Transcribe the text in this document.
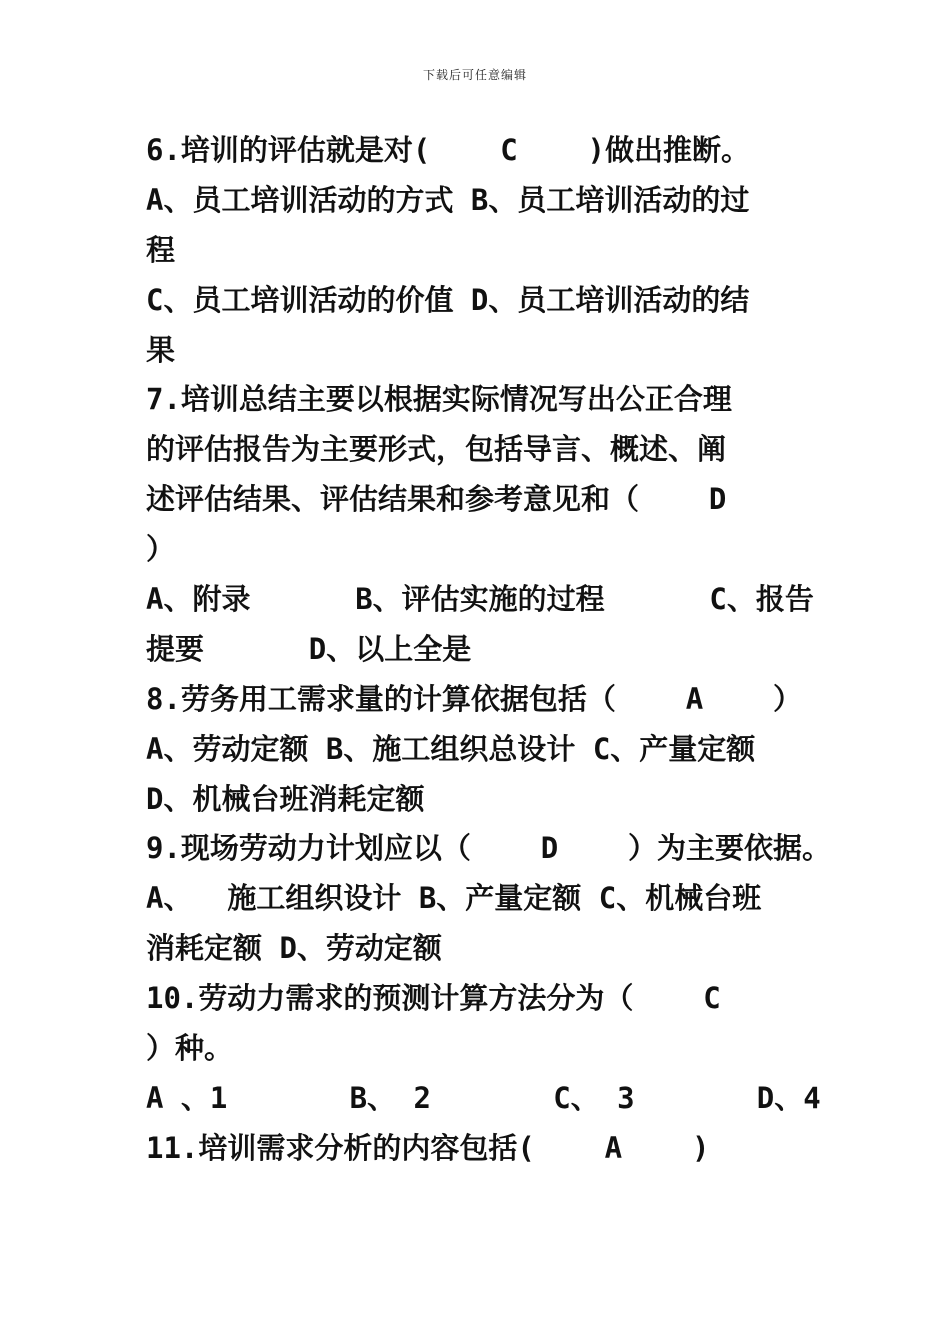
下载后可任意编辑
6.培训的评估就是对(    C    )做出推断。
A、员工培训活动的方式 B、员工培训活动的过
程
C、员工培训活动的价值 D、员工培训活动的结
果
7.培训总结主要以根据实际情况写出公正合理
的评估报告为主要形式，包括导言、概述、阐
述评估结果、评估结果和参考意见和（    D
）
A、附录      B、评估实施的过程      C、报告
提要      D、以上全是
8.劳务用工需求量的计算依据包括（    A    ）
A、劳动定额 B、施工组织总设计 C、产量定额
D、机械台班消耗定额
9.现场劳动力计划应以（    D    ）为主要依据。
A、  施工组织设计 B、产量定额 C、机械台班
消耗定额 D、劳动定额
10.劳动力需求的预测计算方法分为（    C
）种。
A 、1       B、 2       C、 3       D、4
11.培训需求分析的内容包括(    A    )
